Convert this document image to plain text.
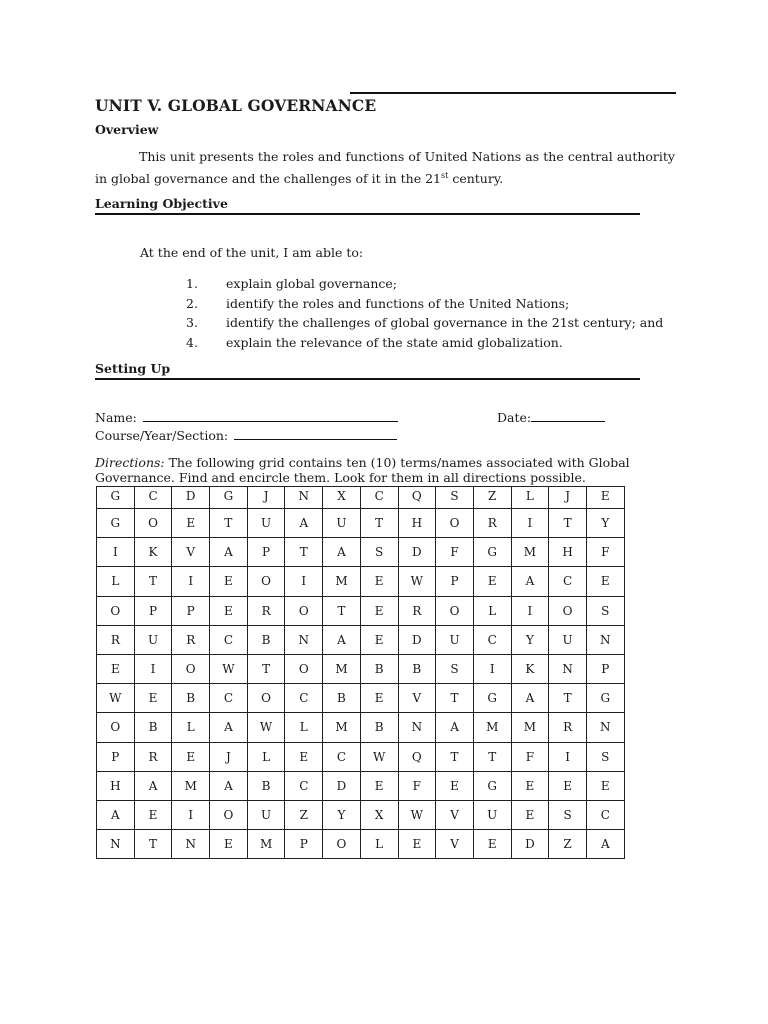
UNIT V. GLOBAL GOVERNANCE
Overview
This unit presents the roles and functions of United Nations as the central authority in global governance and the challenges of it in the 21st century.
Learning Objective
At the end of the unit, I am able to:
1.	explain global governance;
2.	identify the roles and functions of the United Nations;
3.	identify the challenges of global governance in the 21st century; and
4.	explain the relevance of the state amid globalization.
Setting Up
Name:	Date:
Course/Year/Section:
Directions: The following grid contains ten (10) terms/names associated with Global Governance. Find and encircle them. Look for them in all directions possible.
G	C	D	G	J	N	X	C	Q	S	Z	L	J	E
G	O	E	T	U	A	U	T	H	O	R	I	T	Y
I	K	V	A	P	T	A	S	D	F	G	M	H	F
L	T	I	E	O	I	M	E	W	P	E	A	C	E
O	P	P	E	R	O	T	E	R	O	L	I	O	S
R	U	R	C	B	N	A	E	D	U	C	Y	U	N
E	I	O	W	T	O	M	B	B	S	I	K	N	P
W	E	B	C	O	C	B	E	V	T	G	A	T	G
O	B	L	A	W	L	M	B	N	A	M	M	R	N
P	R	E	J	L	E	C	W	Q	T	T	F	I	S
H	A	M	A	B	C	D	E	F	E	G	E	E	E
A	E	I	O	U	Z	Y	X	W	V	U	E	S	C
N	T	N	E	M	P	O	L	E	V	E	D	Z	A
